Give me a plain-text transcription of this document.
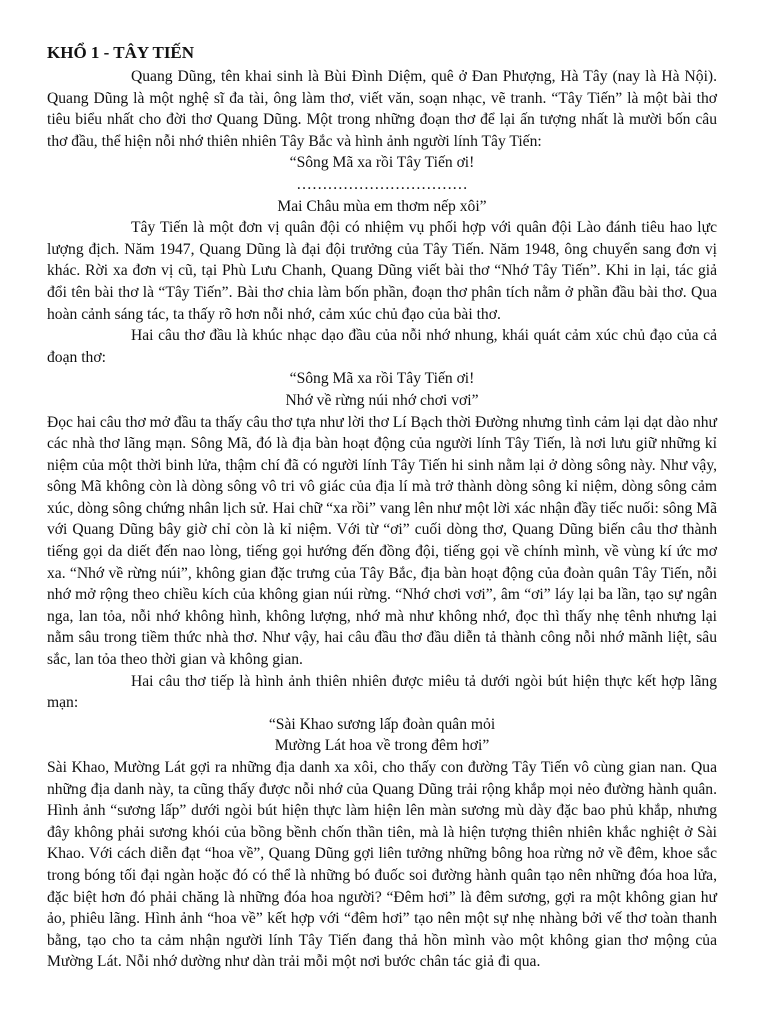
KHỔ 1 - TÂY TIẾN

Quang Dũng, tên khai sinh là Bùi Đình Diệm, quê ở Đan Phượng, Hà Tây (nay là Hà Nội). Quang Dũng là một nghệ sĩ đa tài, ông làm thơ, viết văn, soạn nhạc, vẽ tranh. “Tây Tiến” là một bài thơ tiêu biểu nhất cho đời thơ Quang Dũng. Một trong những đoạn thơ để lại ấn tượng nhất là mười bốn câu thơ đầu, thể hiện nỗi nhớ thiên nhiên Tây Bắc và hình ảnh người lính Tây Tiến:

“Sông Mã xa rồi Tây Tiến ơi!

……………………………

Mai Châu mùa em thơm nếp xôi”

Tây Tiến là một đơn vị quân đội có nhiệm vụ phối hợp với quân đội Lào đánh tiêu hao lực lượng địch. Năm 1947, Quang Dũng là đại đội trưởng của Tây Tiến. Năm 1948, ông chuyển sang đơn vị khác. Rời xa đơn vị cũ, tại Phù Lưu Chanh, Quang Dũng viết bài thơ “Nhớ Tây Tiến”. Khi in lại, tác giả đổi tên bài thơ là “Tây Tiến”. Bài thơ chia làm bốn phần, đoạn thơ phân tích nằm ở phần đầu bài thơ. Qua hoàn cảnh sáng tác, ta thấy rõ hơn nỗi nhớ, cảm xúc chủ đạo của bài thơ.

Hai câu thơ đầu là khúc nhạc dạo đầu của nỗi nhớ nhung, khái quát cảm xúc chủ đạo của cả đoạn thơ:

“Sông Mã xa rồi Tây Tiến ơi!

Nhớ về rừng núi nhớ chơi vơi”

Đọc hai câu thơ mở đầu ta thấy câu thơ tựa như lời thơ Lí Bạch thời Đường nhưng tình cảm lại dạt dào như các nhà thơ lãng mạn. Sông Mã, đó là địa bàn hoạt động của người lính Tây Tiến, là nơi lưu giữ những kỉ niệm của một thời binh lửa, thậm chí đã có người lính Tây Tiến hi sinh nằm lại ở dòng sông này. Như vậy, sông Mã không còn là dòng sông vô tri vô giác của địa lí mà trở thành dòng sông kỉ niệm, dòng sông cảm xúc, dòng sông chứng nhân lịch sử. Hai chữ “xa rồi” vang lên như một lời xác nhận đầy tiếc nuối: sông Mã với Quang Dũng bây giờ chỉ còn là kỉ niệm. Với từ “ơi” cuối dòng thơ, Quang Dũng biến câu thơ thành tiếng gọi da diết đến nao lòng, tiếng gọi hướng đến đồng đội, tiếng gọi về chính mình, về vùng kí ức mơ xa. “Nhớ về rừng núi”, không gian đặc trưng của Tây Bắc, địa bàn hoạt động của đoàn quân Tây Tiến, nỗi nhớ mở rộng theo chiều kích của không gian núi rừng. “Nhớ chơi vơi”, âm “ơi” láy lại ba lần, tạo sự ngân nga, lan tỏa, nỗi nhớ không hình, không lượng, nhớ mà như không nhớ, đọc thì thấy nhẹ tênh nhưng lại nằm sâu trong tiềm thức nhà thơ. Như vậy, hai câu đầu thơ đầu diễn tả thành công nỗi nhớ mãnh liệt, sâu sắc, lan tỏa theo thời gian và không gian.

Hai câu thơ tiếp là hình ảnh thiên nhiên được miêu tả dưới ngòi bút hiện thực kết hợp lãng mạn:

“Sài Khao sương lấp đoàn quân mỏi

Mường Lát hoa về trong đêm hơi”

Sài Khao, Mường Lát gợi ra những địa danh xa xôi, cho thấy con đường Tây Tiến vô cùng gian nan. Qua những địa danh này, ta cũng thấy được nỗi nhớ của Quang Dũng trải rộng khắp mọi nẻo đường hành quân. Hình ảnh “sương lấp” dưới ngòi bút hiện thực làm hiện lên màn sương mù dày đặc bao phủ khắp, nhưng đây không phải sương khói của bồng bềnh chốn thần tiên, mà là hiện tượng thiên nhiên khắc nghiệt ở Sài Khao. Với cách diễn đạt “hoa về”, Quang Dũng gợi liên tưởng những bông hoa rừng nở về đêm, khoe sắc trong bóng tối đại ngàn hoặc đó có thể là những bó đuốc soi đường hành quân tạo nên những đóa hoa lửa, đặc biệt hơn đó phải chăng là những đóa hoa người? “Đêm hơi” là đêm sương, gợi ra một không gian hư ảo, phiêu lãng. Hình ảnh “hoa về” kết hợp với “đêm hơi” tạo nên một sự nhẹ nhàng bởi vế thơ toàn thanh bằng, tạo cho ta cảm nhận người lính Tây Tiến đang thả hồn mình vào một không gian thơ mộng của Mường Lát. Nỗi nhớ dường như dàn trải mỗi một nơi bước chân tác giả đi qua.
